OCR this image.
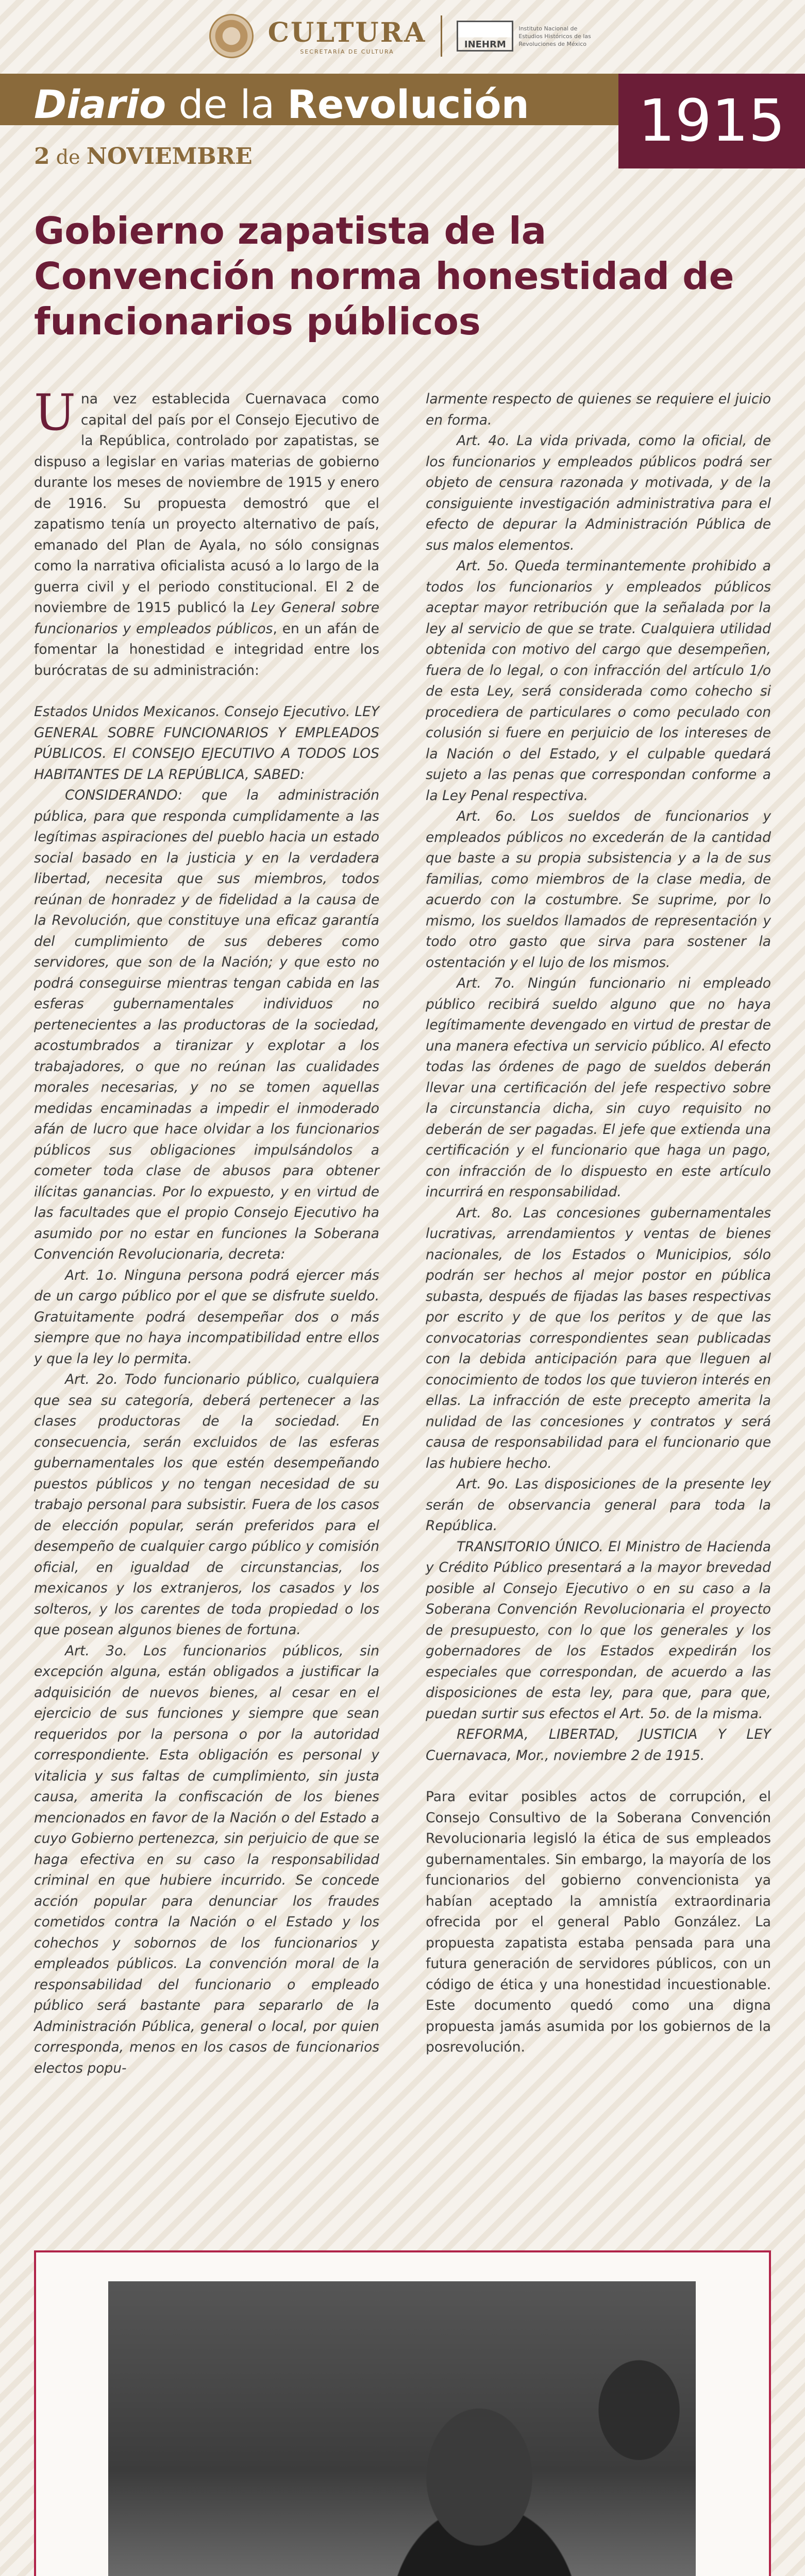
CULTURA
SECRETARÍA DE CULTURA
INEHRM
Instituto Nacional de Estudios Históricos de las Revoluciones de México
Diario de la Revolución	1915
2 de NOVIEMBRE
Gobierno zapatista de la Convención norma honestidad de funcionarios públicos

Una vez establecida Cuernavaca como capital del país por el Consejo Ejecutivo de la República, controlado por zapatistas, se dispuso a legislar en varias materias de gobierno durante los meses de noviembre de 1915 y enero de 1916. Su propuesta demostró que el zapatismo tenía un proyecto alternativo de país, emanado del Plan de Ayala, no sólo consignas como la narrativa oficialista acusó a lo largo de la guerra civil y el periodo constitucional. El 2 de noviembre de 1915 publicó la Ley General sobre funcionarios y empleados públicos, en un afán de fomentar la honestidad e integridad entre los burócratas de su administración:

Estados Unidos Mexicanos. Consejo Ejecutivo. LEY GENERAL SOBRE FUNCIONARIOS Y EMPLEADOS PÚBLICOS. El CONSEJO EJECUTIVO A TODOS LOS HABITANTES DE LA REPÚBLICA, SABED:

CONSIDERANDO: que la administración pública, para que responda cumplidamente a las legítimas aspiraciones del pueblo hacia un estado social basado en la justicia y en la verdadera libertad, necesita que sus miembros, todos reúnan de honradez y de fidelidad a la causa de la Revolución, que constituye una eficaz garantía del cumplimiento de sus deberes como servidores, que son de la Nación; y que esto no podrá conseguirse mientras tengan cabida en las esferas gubernamentales individuos no pertenecientes a las productoras de la sociedad, acostumbrados a tiranizar y explotar a los trabajadores, o que no reúnan las cualidades morales necesarias, y no se tomen aquellas medidas encaminadas a impedir el inmoderado afán de lucro que hace olvidar a los funcionarios públicos sus obligaciones impulsándolos a cometer toda clase de abusos para obtener ilícitas ganancias. Por lo expuesto, y en virtud de las facultades que el propio Consejo Ejecutivo ha asumido por no estar en funciones la Soberana Convención Revolucionaria, decreta:

Art. 1o. Ninguna persona podrá ejercer más de un cargo público por el que se disfrute sueldo. Gratuitamente podrá desempeñar dos o más siempre que no haya incompatibilidad entre ellos y que la ley lo permita.

Art. 2o. Todo funcionario público, cualquiera que sea su categoría, deberá pertenecer a las clases productoras de la sociedad. En consecuencia, serán excluidos de las esferas gubernamentales los que estén desempeñando puestos públicos y no tengan necesidad de su trabajo personal para subsistir. Fuera de los casos de elección popular, serán preferidos para el desempeño de cualquier cargo público y comisión oficial, en igualdad de circunstancias, los mexicanos y los extranjeros, los casados y los solteros, y los carentes de toda propiedad o los que posean algunos bienes de fortuna.

Art. 3o. Los funcionarios públicos, sin excepción alguna, están obligados a justificar la adquisición de nuevos bienes, al cesar en el ejercicio de sus funciones y siempre que sean requeridos por la persona o por la autoridad correspondiente. Esta obligación es personal y vitalicia y sus faltas de cumplimiento, sin justa causa, amerita la confiscación de los bienes mencionados en favor de la Nación o del Estado a cuyo Gobierno pertenezca, sin perjuicio de que se haga efectiva en su caso la responsabilidad criminal en que hubiere incurrido. Se concede acción popular para denunciar los fraudes cometidos contra la Nación o el Estado y los cohechos y sobornos de los funcionarios y empleados públicos. La convención moral de la responsabilidad del funcionario o empleado público será bastante para separarlo de la Administración Pública, general o local, por quien corresponda, menos en los casos de funcionarios electos popu-

larmente respecto de quienes se requiere el juicio en forma.

Art. 4o. La vida privada, como la oficial, de los funcionarios y empleados públicos podrá ser objeto de censura razonada y motivada, y de la consiguiente investigación administrativa para el efecto de depurar la Administración Pública de sus malos elementos.

Art. 5o. Queda terminantemente prohibido a todos los funcionarios y empleados públicos aceptar mayor retribución que la señalada por la ley al servicio de que se trate. Cualquiera utilidad obtenida con motivo del cargo que desempeñen, fuera de lo legal, o con infracción del artículo 1/o de esta Ley, será considerada como cohecho si procediera de particulares o como peculado con colusión si fuere en perjuicio de los intereses de la Nación o del Estado, y el culpable quedará sujeto a las penas que correspondan conforme a la Ley Penal respectiva.

Art. 6o. Los sueldos de funcionarios y empleados públicos no excederán de la cantidad que baste a su propia subsistencia y a la de sus familias, como miembros de la clase media, de acuerdo con la costumbre. Se suprime, por lo mismo, los sueldos llamados de representación y todo otro gasto que sirva para sostener la ostentación y el lujo de los mismos.

Art. 7o. Ningún funcionario ni empleado público recibirá sueldo alguno que no haya legítimamente devengado en virtud de prestar de una manera efectiva un servicio público. Al efecto todas las órdenes de pago de sueldos deberán llevar una certificación del jefe respectivo sobre la circunstancia dicha, sin cuyo requisito no deberán de ser pagadas. El jefe que extienda una certificación y el funcionario que haga un pago, con infracción de lo dispuesto en este artículo incurrirá en responsabilidad.

Art. 8o. Las concesiones gubernamentales lucrativas, arrendamientos y ventas de bienes nacionales, de los Estados o Municipios, sólo podrán ser hechos al mejor postor en pública subasta, después de fijadas las bases respectivas por escrito y de que los peritos y de que las convocatorias correspondientes sean publicadas con la debida anticipación para que lleguen al conocimiento de todos los que tuvieron interés en ellas. La infracción de este precepto amerita la nulidad de las concesiones y contratos y será causa de responsabilidad para el funcionario que las hubiere hecho.

Art. 9o. Las disposiciones de la presente ley serán de observancia general para toda la República.

TRANSITORIO ÚNICO. El Ministro de Hacienda y Crédito Público presentará a la mayor brevedad posible al Consejo Ejecutivo o en su caso a la Soberana Convención Revolucionaria el proyecto de presupuesto, con lo que los generales y los gobernadores de los Estados expedirán los especiales que correspondan, de acuerdo a las disposiciones de esta ley, para que, para que, puedan surtir sus efectos el Art. 5o. de la misma.

REFORMA, LIBERTAD, JUSTICIA Y LEY Cuernavaca, Mor., noviembre 2 de 1915.

Para evitar posibles actos de corrupción, el Consejo Consultivo de la Soberana Convención Revolucionaria legisló la ética de sus empleados gubernamentales. Sin embargo, la mayoría de los funcionarios del gobierno convencionista ya habían aceptado la amnistía extraordinaria ofrecida por el general Pablo González. La propuesta zapatista estaba pensada para una futura generación de servidores públicos, con un código de ética y una honestidad incuestionable. Este documento quedó como una digna propuesta jamás asumida por los gobiernos de la posrevolución.
